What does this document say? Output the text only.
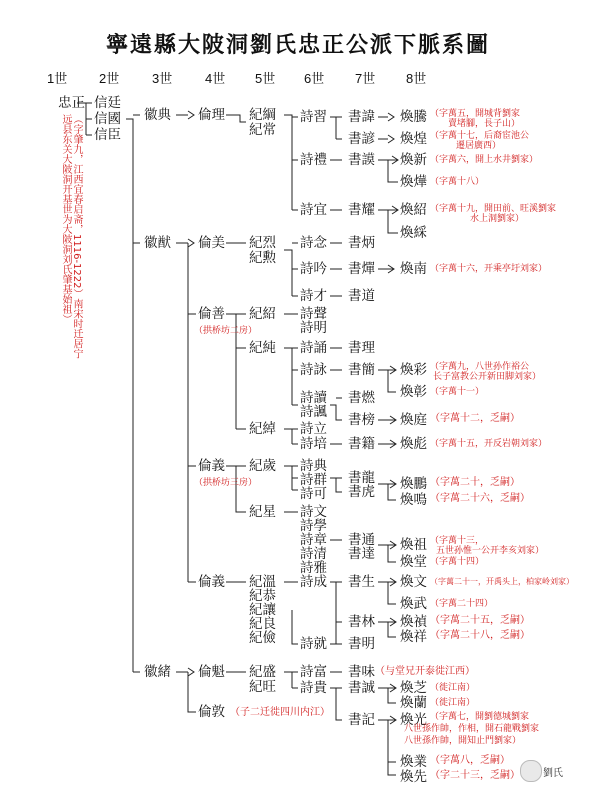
寧遠縣大陂洞劉氏忠正公派下脈系圖
1世 2世	3世	4世 5世 6世 7世 8世
忠正
（字肇九，江西宜春启斋，1116-1222）南宋时迁居宁远县东关大陂洞开基世为大陂洞刘氏肇基始祖）
信廷
信國
信臣
徽典
徽猷
徽緒
倫理
倫美
倫善
（拱桥坊二房）
倫義
（拱桥坊三房）
倫義
倫魁
倫敦 （子二迁徙四川内江）
紀綱
紀常
紀烈
紀勲
紀紹
紀純
紀綽
紀歲
紀星
紀溫
紀恭
紀讓
紀良
紀儉
紀盛
紀旺
詩習
詩禮
詩宜
詩念
詩吟
詩才
詩聲
詩明
詩誦
詩詠
詩讀
詩諷
詩立
詩培
詩典
詩群
詩可
詩文
詩學
詩章
詩清
詩雅
詩成
詩就
詩富
詩貴
書諱
書諺
書謨
書耀
書炳
書燀
書道
書理
書簡
書燃
書榜
書籍
書龍
書虎
書通
書達
書生
書林
書明
書味 （与堂兄开泰徙江西）
書誠
書記
煥騰 （字萬五，開城背劉家
賣堵腳，長子山）
煥煌 （字萬十七，后裔宦池公
遷居廣西）
煥新 （字萬六，開上水井劉家）
煥燁 （字萬十八）
煥紹 （字萬十九，開田前、旺溪劉家
水上洞劉家）
煥綵
煥南 （字萬十六，开乘亭圩刘家）
煥彩 （字萬九，八世孙作裕公
长子富教公开新田脚刘家）
煥彰 （字萬十一）
煥庭 （字萬十二，乏嗣）
煥彪 （字萬十五，开反岩朝刘家）
煥鵬 （字萬二十，乏嗣）
煥鳴 （字萬二十六，乏嗣）
煥祖 （字萬十三，
五世孙惟一公开李亥刘家）
煥堂 （字萬十四）
煥文 （字萬二十一，开禹头上，柏家岭刘家）
煥武 （字萬二十四）
煥禎 （字萬二十五，乏嗣）
煥祥 （字萬二十八，乏嗣）
煥芝 （徙江南）
煥蘭 （徙江南）
煥光 （字萬七，開劉德城劉家
八世孫作帥，作相，開石龍戰劉家
八世孫作帥，開知止門劉家）
煥業 （字萬八，乏嗣）
煥先 （字二十三，乏嗣） 劉氏
